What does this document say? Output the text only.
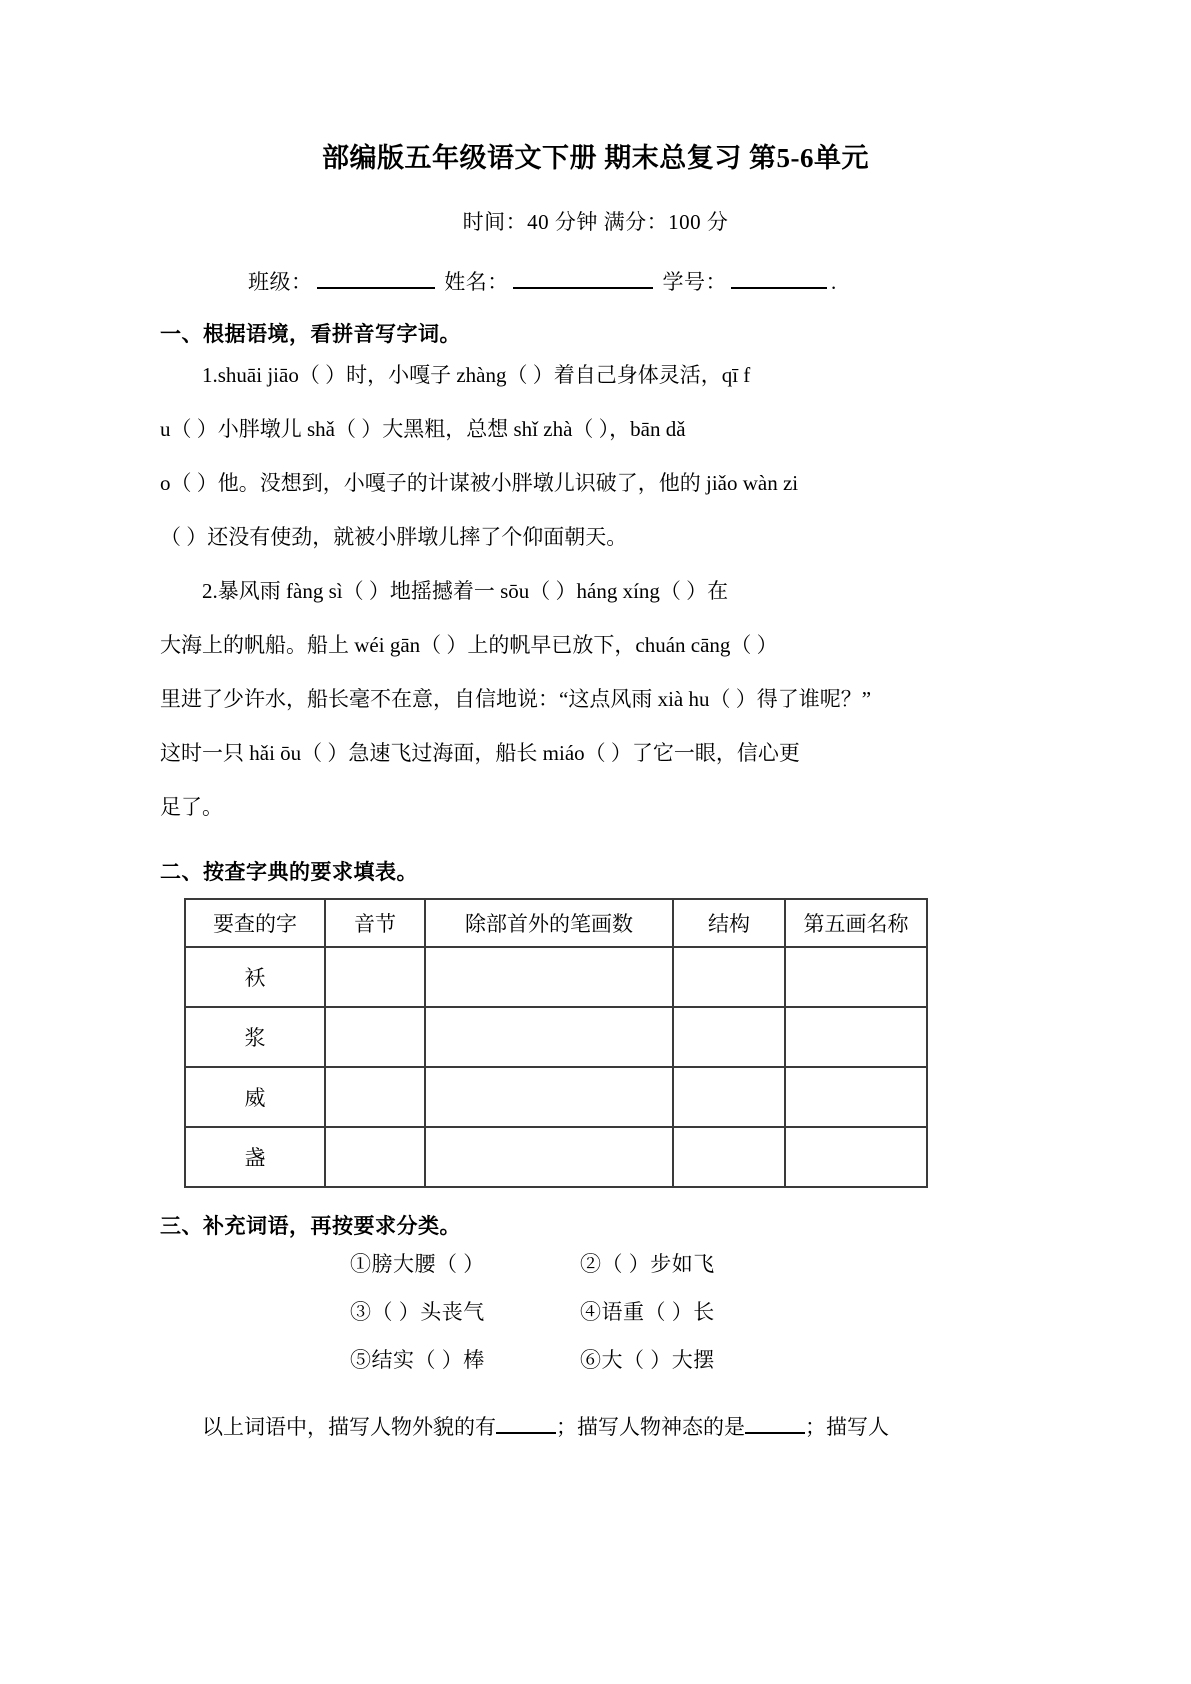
部编版五年级语文下册 期末总复习 第5-6单元
时间：40 分钟 满分：100 分
班级：	姓名：	学号：	.
一、根据语境，看拼音写字词。
1.shuāi jiāo（ ）时，小嘎子 zhàng（ ）着自己身体灵活，qī f
u（ ）小胖墩儿 shǎ（ ）大黑粗，总想 shǐ zhà（ ），bān dǎ
o（ ）他。没想到，小嘎子的计谋被小胖墩儿识破了，他的 jiǎo wàn zi
（ ）还没有使劲，就被小胖墩儿摔了个仰面朝天。
2.暴风雨 fàng sì（ ）地摇撼着一 sōu（ ）háng xíng（ ）在
大海上的帆船。船上 wéi gān（ ）上的帆早已放下，chuán cāng（ ）
里进了少许水，船长毫不在意，自信地说：“这点风雨 xià hu（ ）得了谁呢？”
这时一只 hǎi ōu（ ）急速飞过海面，船长 miáo（ ）了它一眼，信心更
足了。
二、按查字典的要求填表。
要查的字	音节	除部首外的笔画数	结构	第五画名称
袄				
浆				
威				
盏				
三、补充词语，再按要求分类。
①膀大腰（ ）	②（ ）步如飞
③（ ）头丧气	④语重（ ）长
⑤结实（ ）棒	⑥大（ ）大摆
以上词语中，描写人物外貌的有	；描写人物神态的是	；描写人
